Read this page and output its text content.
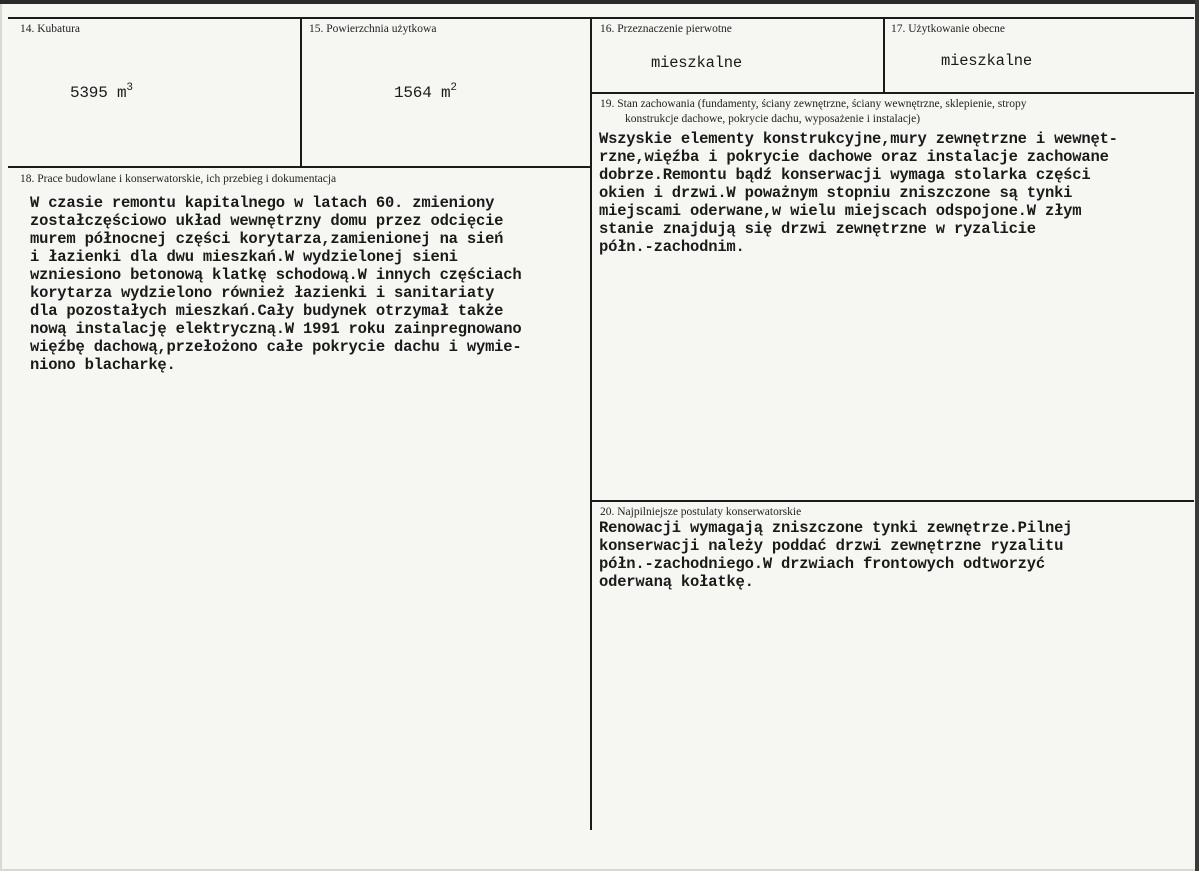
14. Kubatura
5395 $m^3$
15. Powierzchnia użytkowa
1564 $m^2$
16. Przeznaczenie pierwotne
mieszkalne
17. Użytkowanie obecne
mieszkalne
19. Stan zachowania (fundamenty, ściany zewnętrzne, ściany wewnętrzne, sklepienie, stropy
konstrukcje dachowe, pokrycie dachu, wyposażenie i instalacje)
Wszyskie elementy konstrukcyjne,mury zewnętrzne i wewnęt-
rzne,więźba i pokrycie dachowe oraz instalacje zachowane
dobrze.Remontu bądź konserwacji wymaga stolarka części
okien i drzwi.W poważnym stopniu zniszczone są tynki
miejscami oderwane,w wielu miejscach odspojone.W złym
stanie znajdują się drzwi zewnętrzne w ryzalicie
półn.-zachodnim.
18. Prace budowlane i konserwatorskie, ich przebieg i dokumentacja
W czasie remontu kapitalnego w latach 60. zmieniony
zostałczęściowo układ wewnętrzny domu przez odcięcie
murem północnej części korytarza,zamienionej na sień
i łazienki dla dwu mieszkań.W wydzielonej sieni
wzniesiono betonową klatkę schodową.W innych częściach
korytarza wydzielono również łazienki i sanitariaty
dla pozostałych mieszkań.Cały budynek otrzymał także
nową instalację elektryczną.W 1991 roku zainpregnowano
więźbę dachową,przełożono całe pokrycie dachu i wymie-
niono blacharkę.
20. Najpilniejsze postulaty konserwatorskie
Renowacji wymagają zniszczone tynki zewnętrze.Pilnej
konserwacji należy poddać drzwi zewnętrzne ryzalitu
półn.-zachodniego.W drzwiach frontowych odtworzyć
oderwaną kołatkę.
